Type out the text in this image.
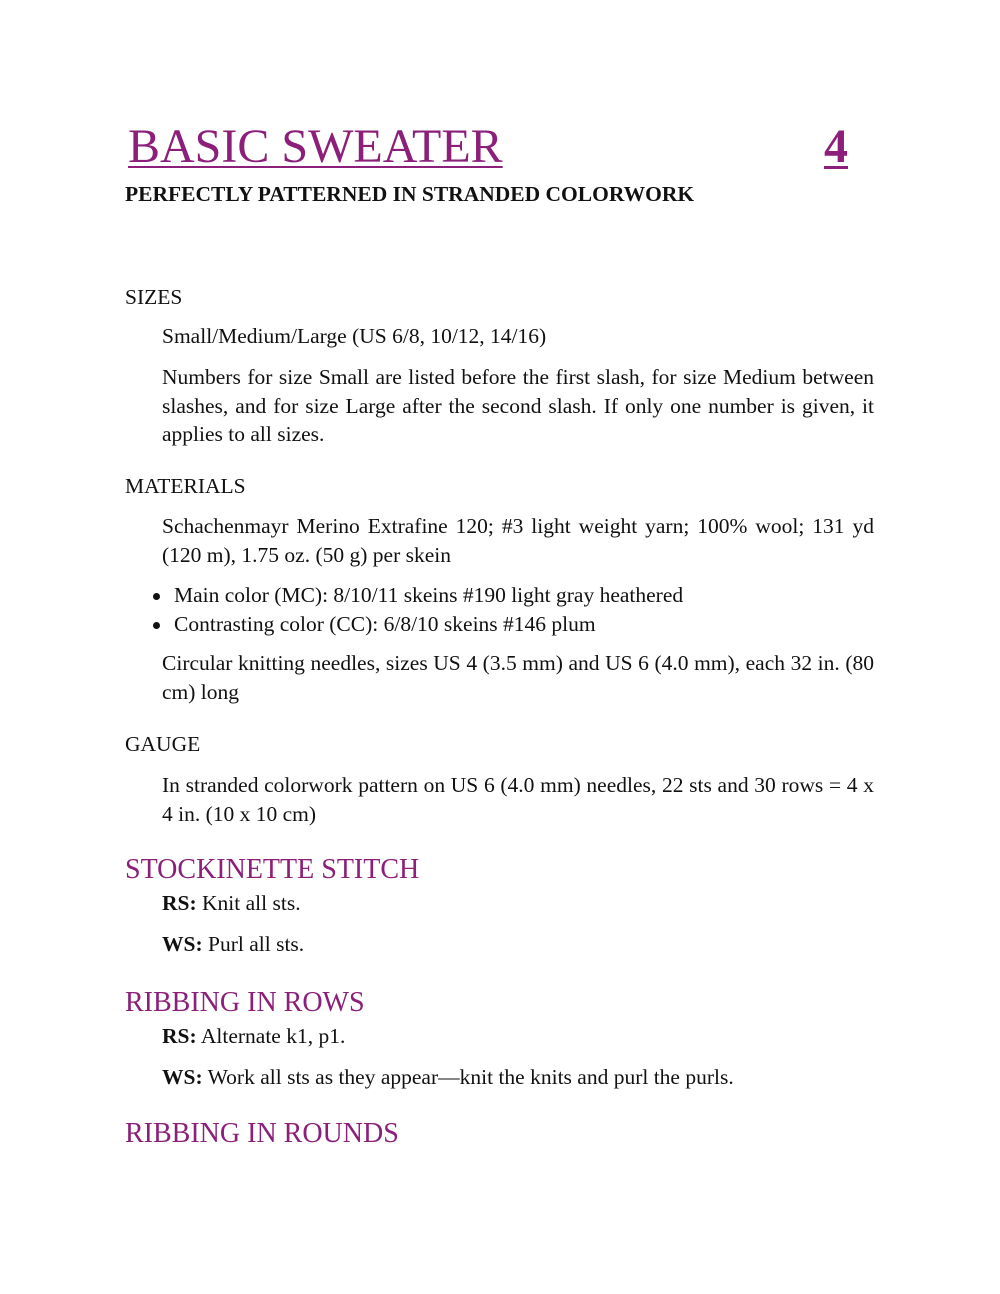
BASIC SWEATER	4
PERFECTLY PATTERNED IN STRANDED COLORWORK
SIZES

Small/Medium/Large (US 6/8, 10/12, 14/16)

Numbers for size Small are listed before the first slash, for size Medium between slashes, and for size Large after the second slash. If only one number is given, it applies to all sizes.

MATERIALS

Schachenmayr Merino Extrafine 120; #3 light weight yarn; 100% wool; 131 yd (120 m), 1.75 oz. (50 g) per skein

Main color (MC): 8/10/11 skeins #190 light gray heathered
Contrasting color (CC): 6/8/10 skeins #146 plum

Circular knitting needles, sizes US 4 (3.5 mm) and US 6 (4.0 mm), each 32 in. (80 cm) long

GAUGE

In stranded colorwork pattern on US 6 (4.0 mm) needles, 22 sts and 30 rows = 4 x 4 in. (10 x 10 cm)

STOCKINETTE STITCH
RS: Knit all sts.
WS: Purl all sts.
RIBBING IN ROWS
RS: Alternate k1, p1.
WS: Work all sts as they appear—knit the knits and purl the purls.
RIBBING IN ROUNDS
